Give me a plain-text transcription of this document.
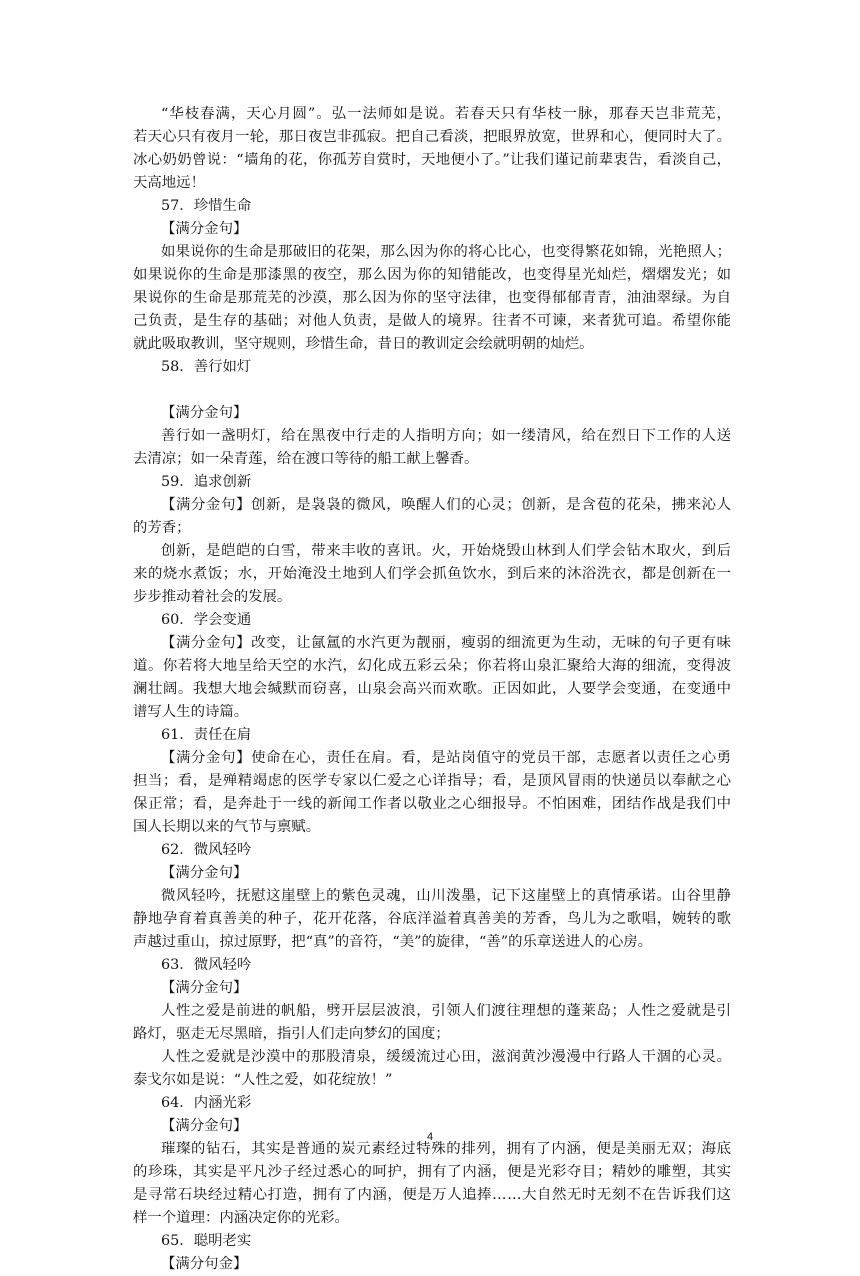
“华枝春满，天心月圆”。弘一法师如是说。若春天只有华枝一脉，那春天岂非荒芜，
若天心只有夜月一轮，那日夜岂非孤寂。把自己看淡，把眼界放宽，世界和心，便同时大了。
冰心奶奶曾说：“墙角的花，你孤芳自赏时，天地便小了。”让我们谨记前辈衷告，看淡自己，
天高地远！
57．珍惜生命
【满分金句】
如果说你的生命是那破旧的花架，那么因为你的将心比心，也变得繁花如锦，光艳照人；
如果说你的生命是那漆黑的夜空，那么因为你的知错能改，也变得星光灿烂，熠熠发光；如
果说你的生命是那荒芜的沙漠，那么因为你的坚守法律，也变得郁郁青青，油油翠绿。为自
己负责，是生存的基础；对他人负责，是做人的境界。往者不可谏，来者犹可追。希望你能
就此吸取教训，坚守规则，珍惜生命，昔日的教训定会绘就明朝的灿烂。
58．善行如灯
【满分金句】
善行如一盏明灯，给在黑夜中行走的人指明方向；如一缕清风，给在烈日下工作的人送
去清凉；如一朵青莲，给在渡口等待的船工献上馨香。
59．追求创新
【满分金句】创新，是袅袅的微风，唤醒人们的心灵；创新，是含苞的花朵，拂来沁人
的芳香；
创新，是皑皑的白雪，带来丰收的喜讯。火，开始烧毁山林到人们学会钻木取火，到后
来的烧水煮饭；水，开始淹没土地到人们学会抓鱼饮水，到后来的沐浴洗衣，都是创新在一
步步推动着社会的发展。
60．学会变通
【满分金句】改变，让氤氲的水汽更为靓丽，瘦弱的细流更为生动，无味的句子更有味
道。你若将大地呈给天空的水汽，幻化成五彩云朵；你若将山泉汇聚给大海的细流，变得波
澜壮阔。我想大地会缄默而窃喜，山泉会高兴而欢歌。正因如此，人要学会变通，在变通中
谱写人生的诗篇。
61．责任在肩
【满分金句】使命在心，责任在肩。看，是站岗值守的党员干部，志愿者以责任之心勇
担当；看，是殚精竭虑的医学专家以仁爱之心详指导；看，是顶风冒雨的快递员以奉献之心
保正常；看，是奔赴于一线的新闻工作者以敬业之心细报导。不怕困难，团结作战是我们中
国人长期以来的气节与禀赋。
62．微风轻吟
【满分金句】
微风轻吟，抚慰这崖壁上的紫色灵魂，山川泼墨，记下这崖壁上的真情承诺。山谷里静
静地孕育着真善美的种子，花开花落，谷底洋溢着真善美的芳香，鸟儿为之歌唱，婉转的歌
声越过重山，掠过原野，把“真”的音符，“美”的旋律，“善”的乐章送进人的心房。
63．微风轻吟
【满分金句】
人性之爱是前进的帆船，劈开层层波浪，引领人们渡往理想的蓬莱岛；人性之爱就是引
路灯，驱走无尽黑暗，指引人们走向梦幻的国度；
人性之爱就是沙漠中的那股清泉，缓缓流过心田，滋润黄沙漫漫中行路人干涸的心灵。
泰戈尔如是说：“人性之爱，如花绽放！”
64．内涵光彩
【满分金句】
璀璨的钻石，其实是普通的炭元素经过特殊的排列，拥有了内涵，便是美丽无双；海底
的珍珠，其实是平凡沙子经过悉心的呵护，拥有了内涵，便是光彩夺目；精妙的雕塑，其实
是寻常石块经过精心打造，拥有了内涵，便是万人追捧……大自然无时无刻不在告诉我们这
样一个道理：内涵决定你的光彩。
65．聪明老实
【满分句金】
4
